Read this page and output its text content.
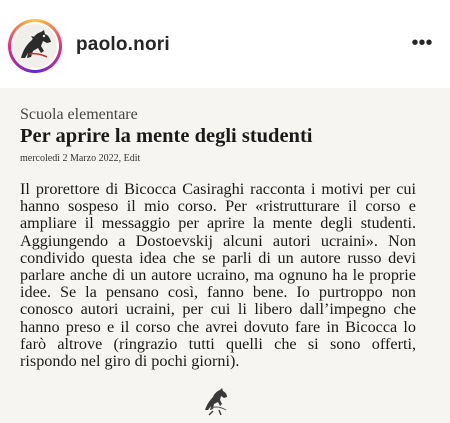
paolo.nori	•••
Scuola elementare
Per aprire la mente degli studenti
mercoledì 2 Marzo 2022, Edit
Il prorettore di Bicocca Casiraghi racconta i motivi per cui hanno sospeso il mio corso. Per «ristrutturare il corso e ampliare il messaggio per aprire la mente degli studenti. Aggiungendo a Dostoevskij alcuni autori ucraini». Non condivido questa idea che se parli di un autore russo devi parlare anche di un autore ucraino, ma ognuno ha le proprie idee. Se la pensano così, fanno bene. Io purtroppo non conosco autori ucraini, per cui li libero dall’impegno che hanno preso e il corso che avrei dovuto fare in Bicocca lo farò altrove (ringrazio tutti quelli che si sono offerti, rispondo nel giro di pochi giorni).
